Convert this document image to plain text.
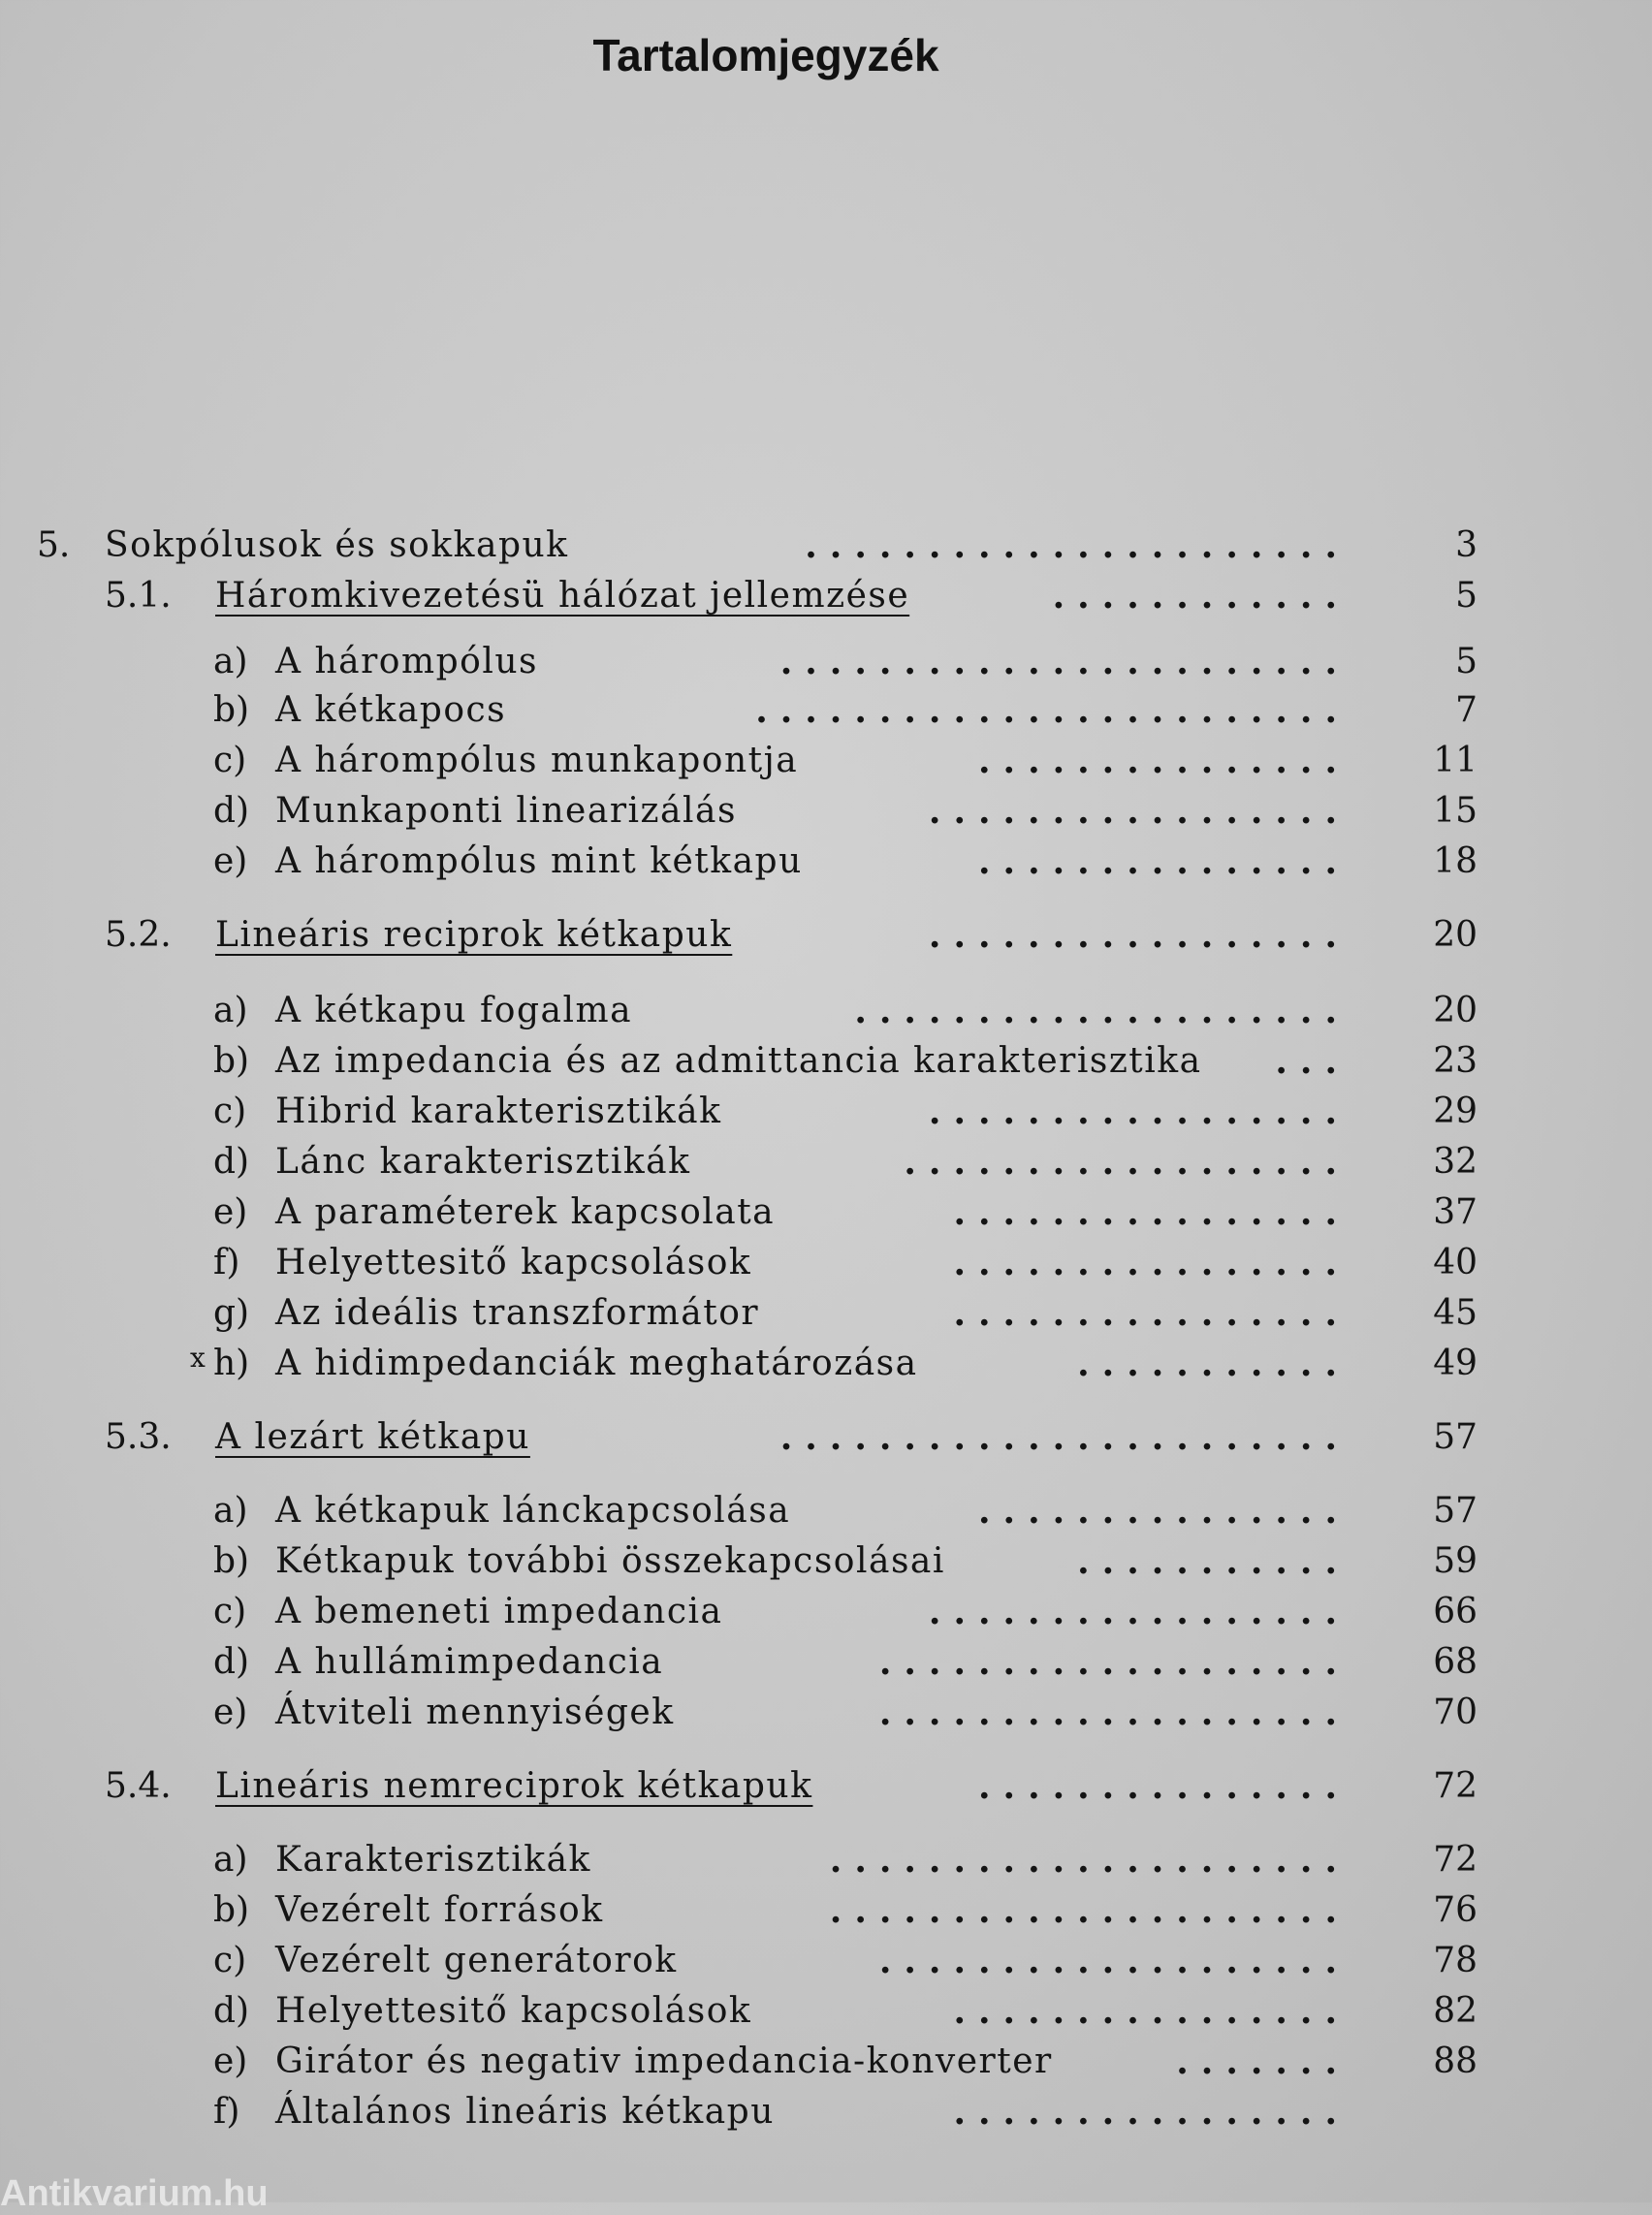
Tartalomjegyzék
5. Sokpólusok és sokkapuk	......................	3
5.1. Háromkivezetésü hálózat jellemzése	............	5
a) A hárompólus	.......................	5
b) A kétkapocs	........................	7
c) A hárompólus munkapontja	............... 11
d) Munkaponti linearizálás	................. 15
e) A hárompólus mint kétkapu	............... 18
5.2. Lineáris reciprok kétkapuk	................. 20
a) A kétkapu fogalma	.................... 20
b) Az impedancia és az admittancia karakterisztika ... 23
c) Hibrid karakterisztikák	................. 29
d) Lánc karakterisztikák	.................. 32
e) A paraméterek kapcsolata	................ 37
f) Helyettesitő kapcsolások	................ 40
g) Az ideális transzformátor	................ 45
x h) A hidimpedanciák meghatározása	........... 49
5.3. A lezárt kétkapu	....................... 57
a) A kétkapuk lánckapcsolása	............... 57
b) Kétkapuk további összekapcsolásai	........... 59
c) A bemeneti impedancia	................. 66
d) A hullámimpedancia	................... 68
e) Átviteli mennyiségek	................... 70
5.4. Lineáris nemreciprok kétkapuk	............... 72
a) Karakterisztikák	..................... 72
b) Vezérelt források	..................... 76
c) Vezérelt generátorok	................... 78
d) Helyettesitő kapcsolások	................ 82
e) Girátor és negativ impedancia-konverter	....... 88
f) Általános lineáris kétkapu	................
Antikvarium.hu
